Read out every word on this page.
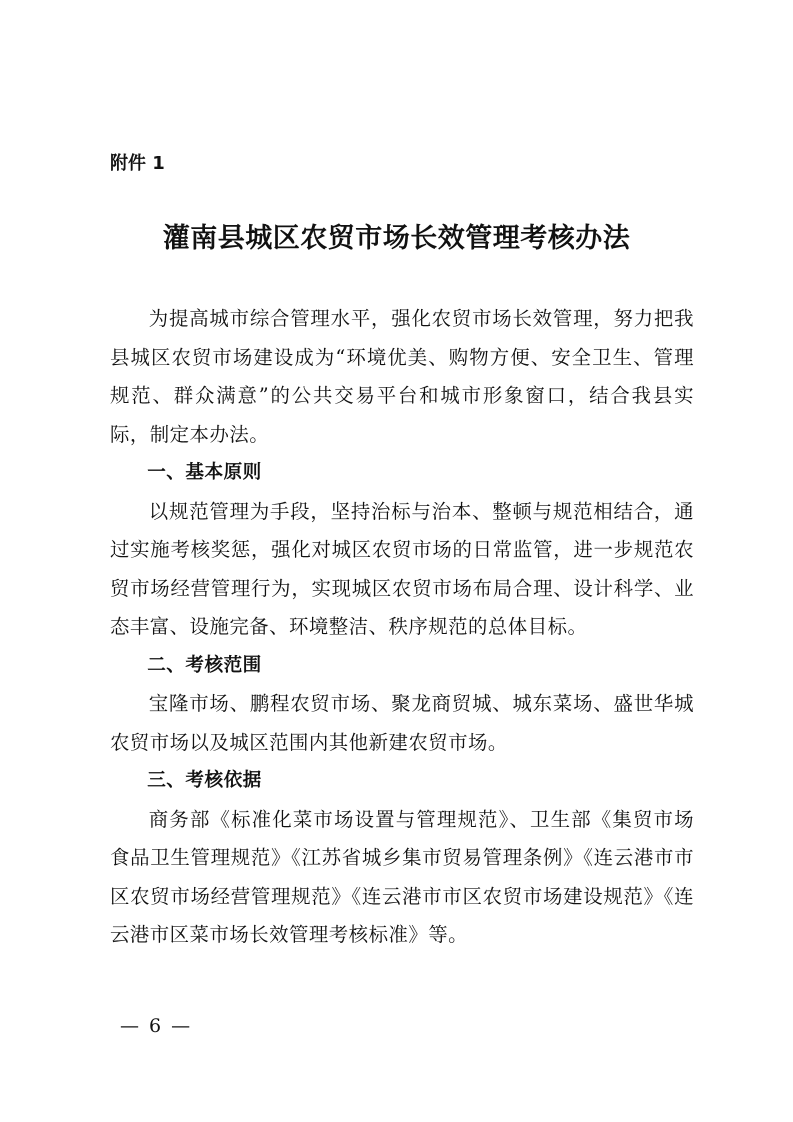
附件 1
灌南县城区农贸市场长效管理考核办法

为提高城市综合管理水平，强化农贸市场长效管理，努力把我县城区农贸市场建设成为“环境优美、购物方便、安全卫生、管理规范、群众满意”的公共交易平台和城市形象窗口，结合我县实际，制定本办法。

一、基本原则

以规范管理为手段，坚持治标与治本、整顿与规范相结合，通过实施考核奖惩，强化对城区农贸市场的日常监管，进一步规范农贸市场经营管理行为，实现城区农贸市场布局合理、设计科学、业态丰富、设施完备、环境整洁、秩序规范的总体目标。

二、考核范围

宝隆市场、鹏程农贸市场、聚龙商贸城、城东菜场、盛世华城农贸市场以及城区范围内其他新建农贸市场。

三、考核依据

商务部《标准化菜市场设置与管理规范》、卫生部《集贸市场食品卫生管理规范》《江苏省城乡集市贸易管理条例》《连云港市市区农贸市场经营管理规范》《连云港市市区农贸市场建设规范》《连云港市区菜市场长效管理考核标准》等。

— 6 —
